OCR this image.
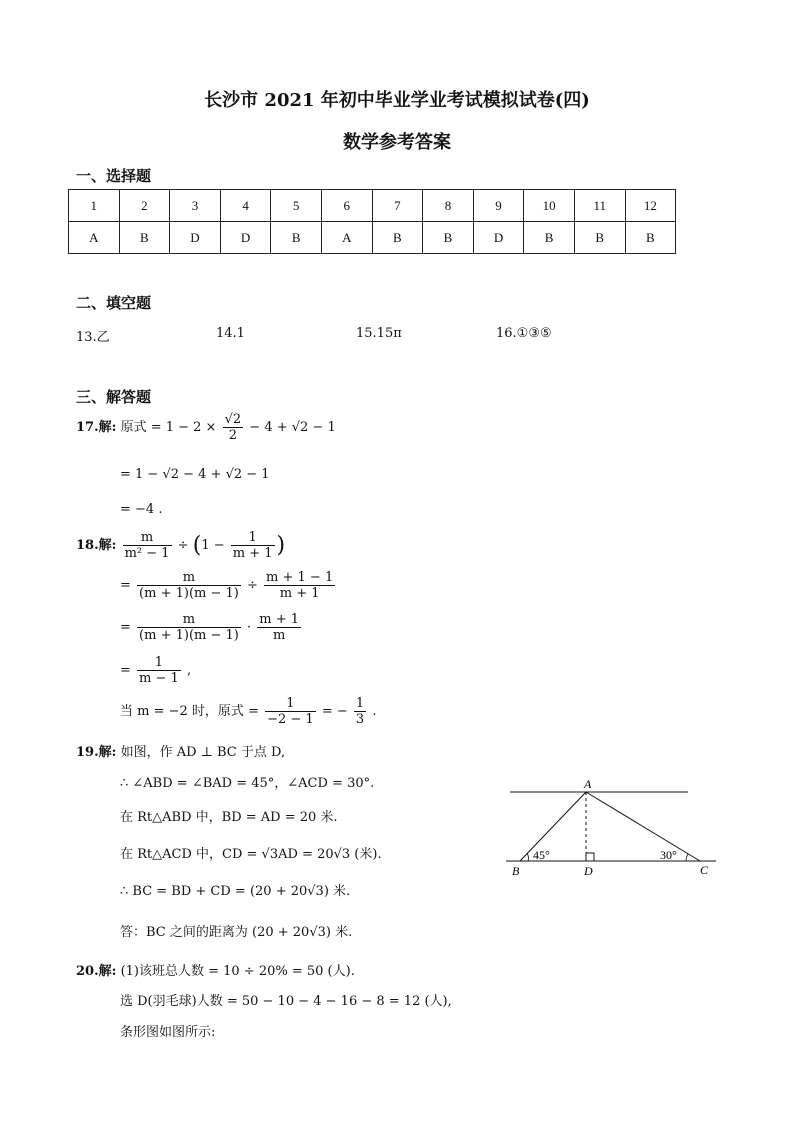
长沙市 2021 年初中毕业学业考试模拟试卷(四)
数学参考答案
一、选择题
1	2	3	4	5	6	7	8	9	10	11	12
A	B	D	D	B	A	B	B	D	B	B	B
二、填空题
13.乙	14.1	15.15π	16.①③⑤
三、解答题
17.解: 原式 = $1 - 2 \times \frac{√2}{2} - 4 + √2 - 1$
= 1 − √2 − 4 + √2 − 1
= −4 .
18.解: $\frac{m}{\text{m² − 1}} \div (1 - \frac{1}{m + 1}$ )
= $\frac{m}{(m + 1)(m - 1)} \div \frac{m + 1 - 1}{m + 1}$
= $\frac{m}{(m + 1)(m - 1)} \cdot \frac{m + 1}{m}$
= $\frac{1}{m - 1}$ ,
当 m = −2 时，原式 = $\frac{1}{-2 - 1}$ = − $\frac{1}{3}$ .
19.解: 如图，作 AD ⊥ BC 于点 D,
∴ ∠ABD = ∠BAD = 45°，∠ACD = 30°.
在 Rt△ABD 中，BD = AD = 20 米.
在 Rt△ACD 中，CD = √3AD = 20√3 (米).
∴ BC = BD + CD = (20 + 20√3) 米.
答：BC 之间的距离为 (20 + 20√3) 米.
A
B	D	C
45°	30°
20.解: (1)该班总人数 = 10 ÷ 20% = 50 (人).
选 D(羽毛球)人数 = 50 − 10 − 4 − 16 − 8 = 12 (人),
条形图如图所示:
